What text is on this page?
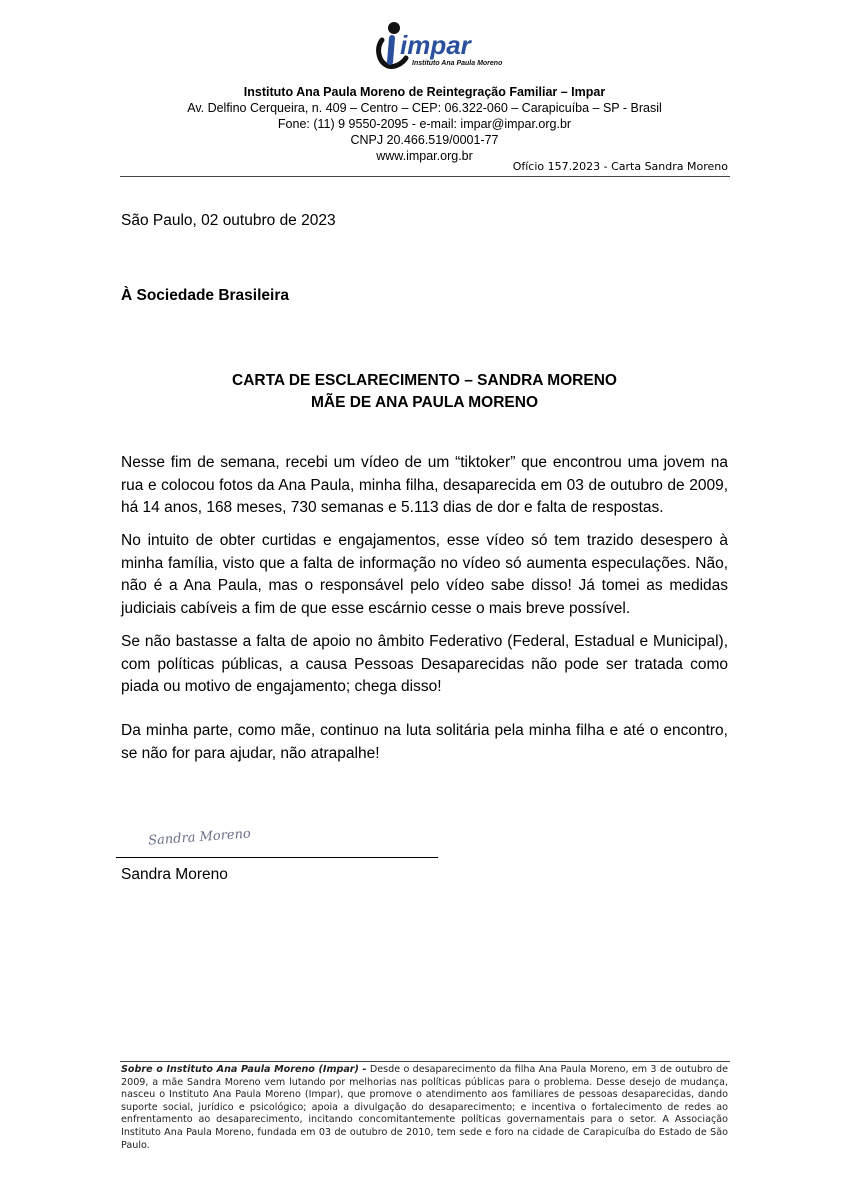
impar
Instituto Ana Paula Moreno
Instituto Ana Paula Moreno de Reintegração Familiar – Impar
Av. Delfino Cerqueira, n. 409 – Centro – CEP: 06.322-060 – Carapicuíba – SP - Brasil
Fone: (11) 9 9550-2095 - e-mail: impar@impar.org.br
CNPJ 20.466.519/0001-77
www.impar.org.br
Ofício 157.2023 - Carta Sandra Moreno
São Paulo, 02 outubro de 2023
À Sociedade Brasileira
CARTA DE ESCLARECIMENTO – SANDRA MORENO
MÃE DE ANA PAULA MORENO
Nesse fim de semana, recebi um vídeo de um “tiktoker” que encontrou uma jovem na rua e colocou fotos da Ana Paula, minha filha, desaparecida em 03 de outubro de 2009, há 14 anos, 168 meses, 730 semanas e 5.113 dias de dor e falta de respostas.
No intuito de obter curtidas e engajamentos, esse vídeo só tem trazido desespero à minha família, visto que a falta de informação no vídeo só aumenta especulações. Não, não é a Ana Paula, mas o responsável pelo vídeo sabe disso! Já tomei as medidas judiciais cabíveis a fim de que esse escárnio cesse o mais breve possível.
Se não bastasse a falta de apoio no âmbito Federativo (Federal, Estadual e Municipal), com políticas públicas, a causa Pessoas Desaparecidas não pode ser tratada como piada ou motivo de engajamento; chega disso!
Da minha parte, como mãe, continuo na luta solitária pela minha filha e até o encontro, se não for para ajudar, não atrapalhe!
Sandra Moreno
Sandra Moreno
Sobre o Instituto Ana Paula Moreno (Impar) - Desde o desaparecimento da filha Ana Paula Moreno, em 3 de outubro de 2009, a mãe Sandra Moreno vem lutando por melhorias nas políticas públicas para o problema. Desse desejo de mudança, nasceu o Instituto Ana Paula Moreno (Impar), que promove o atendimento aos familiares de pessoas desaparecidas, dando suporte social, jurídico e psicológico; apoia a divulgação do desaparecimento; e incentiva o fortalecimento de redes ao enfrentamento ao desaparecimento, incitando concomitantemente políticas governamentais para o setor. A Associação Instituto Ana Paula Moreno, fundada em 03 de outubro de 2010, tem sede e foro na cidade de Carapicuíba do Estado de São Paulo.
